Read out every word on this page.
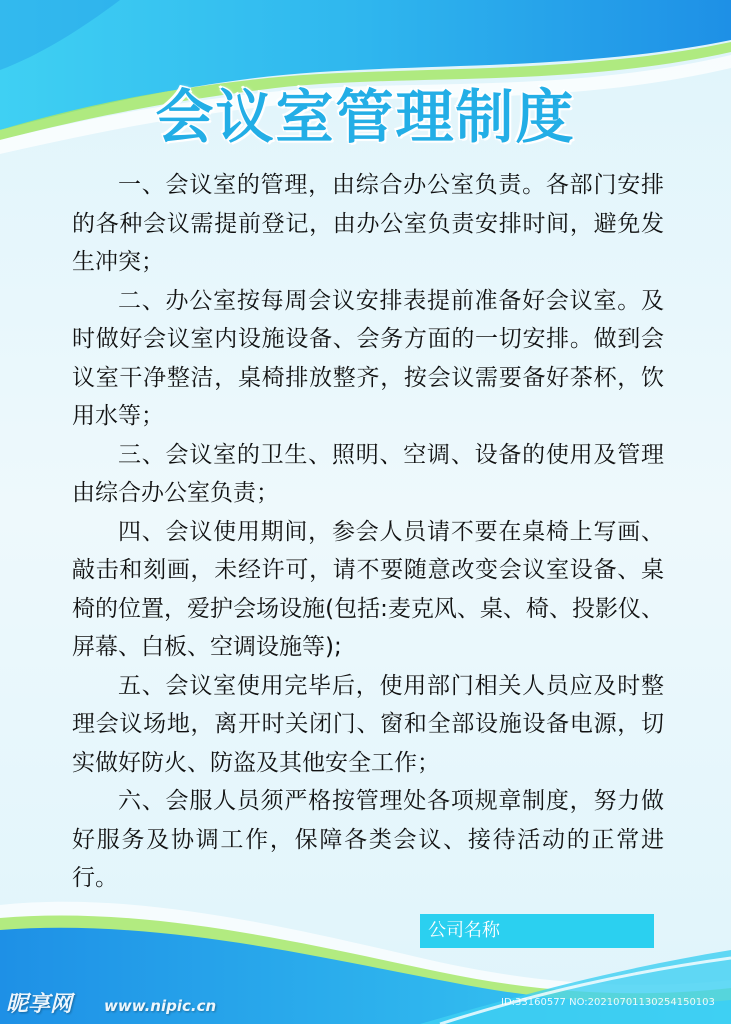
会议室管理制度

一、会议室的管理，由综合办公室负责。各部门安排的各种会议需提前登记，由办公室负责安排时间，避免发生冲突；

二、办公室按每周会议安排表提前准备好会议室。及时做好会议室内设施设备、会务方面的一切安排。做到会议室干净整洁，桌椅排放整齐，按会议需要备好茶杯，饮用水等；

三、会议室的卫生、照明、空调、设备的使用及管理由综合办公室负责；

四、会议使用期间，参会人员请不要在桌椅上写画、敲击和刻画，未经许可，请不要随意改变会议室设备、桌椅的位置，爱护会场设施(包括:麦克风、桌、椅、投影仪、屏幕、白板、空调设施等);

五、会议室使用完毕后，使用部门相关人员应及时整理会议场地，离开时关闭门、窗和全部设施设备电源，切实做好防火、防盗及其他安全工作；

六、会服人员须严格按管理处各项规章制度，努力做好服务及协调工作，保障各类会议、接待活动的正常进行。

公司名称
昵享网 www.nipic.cn	ID:33160577 NO:20210701130254150103
